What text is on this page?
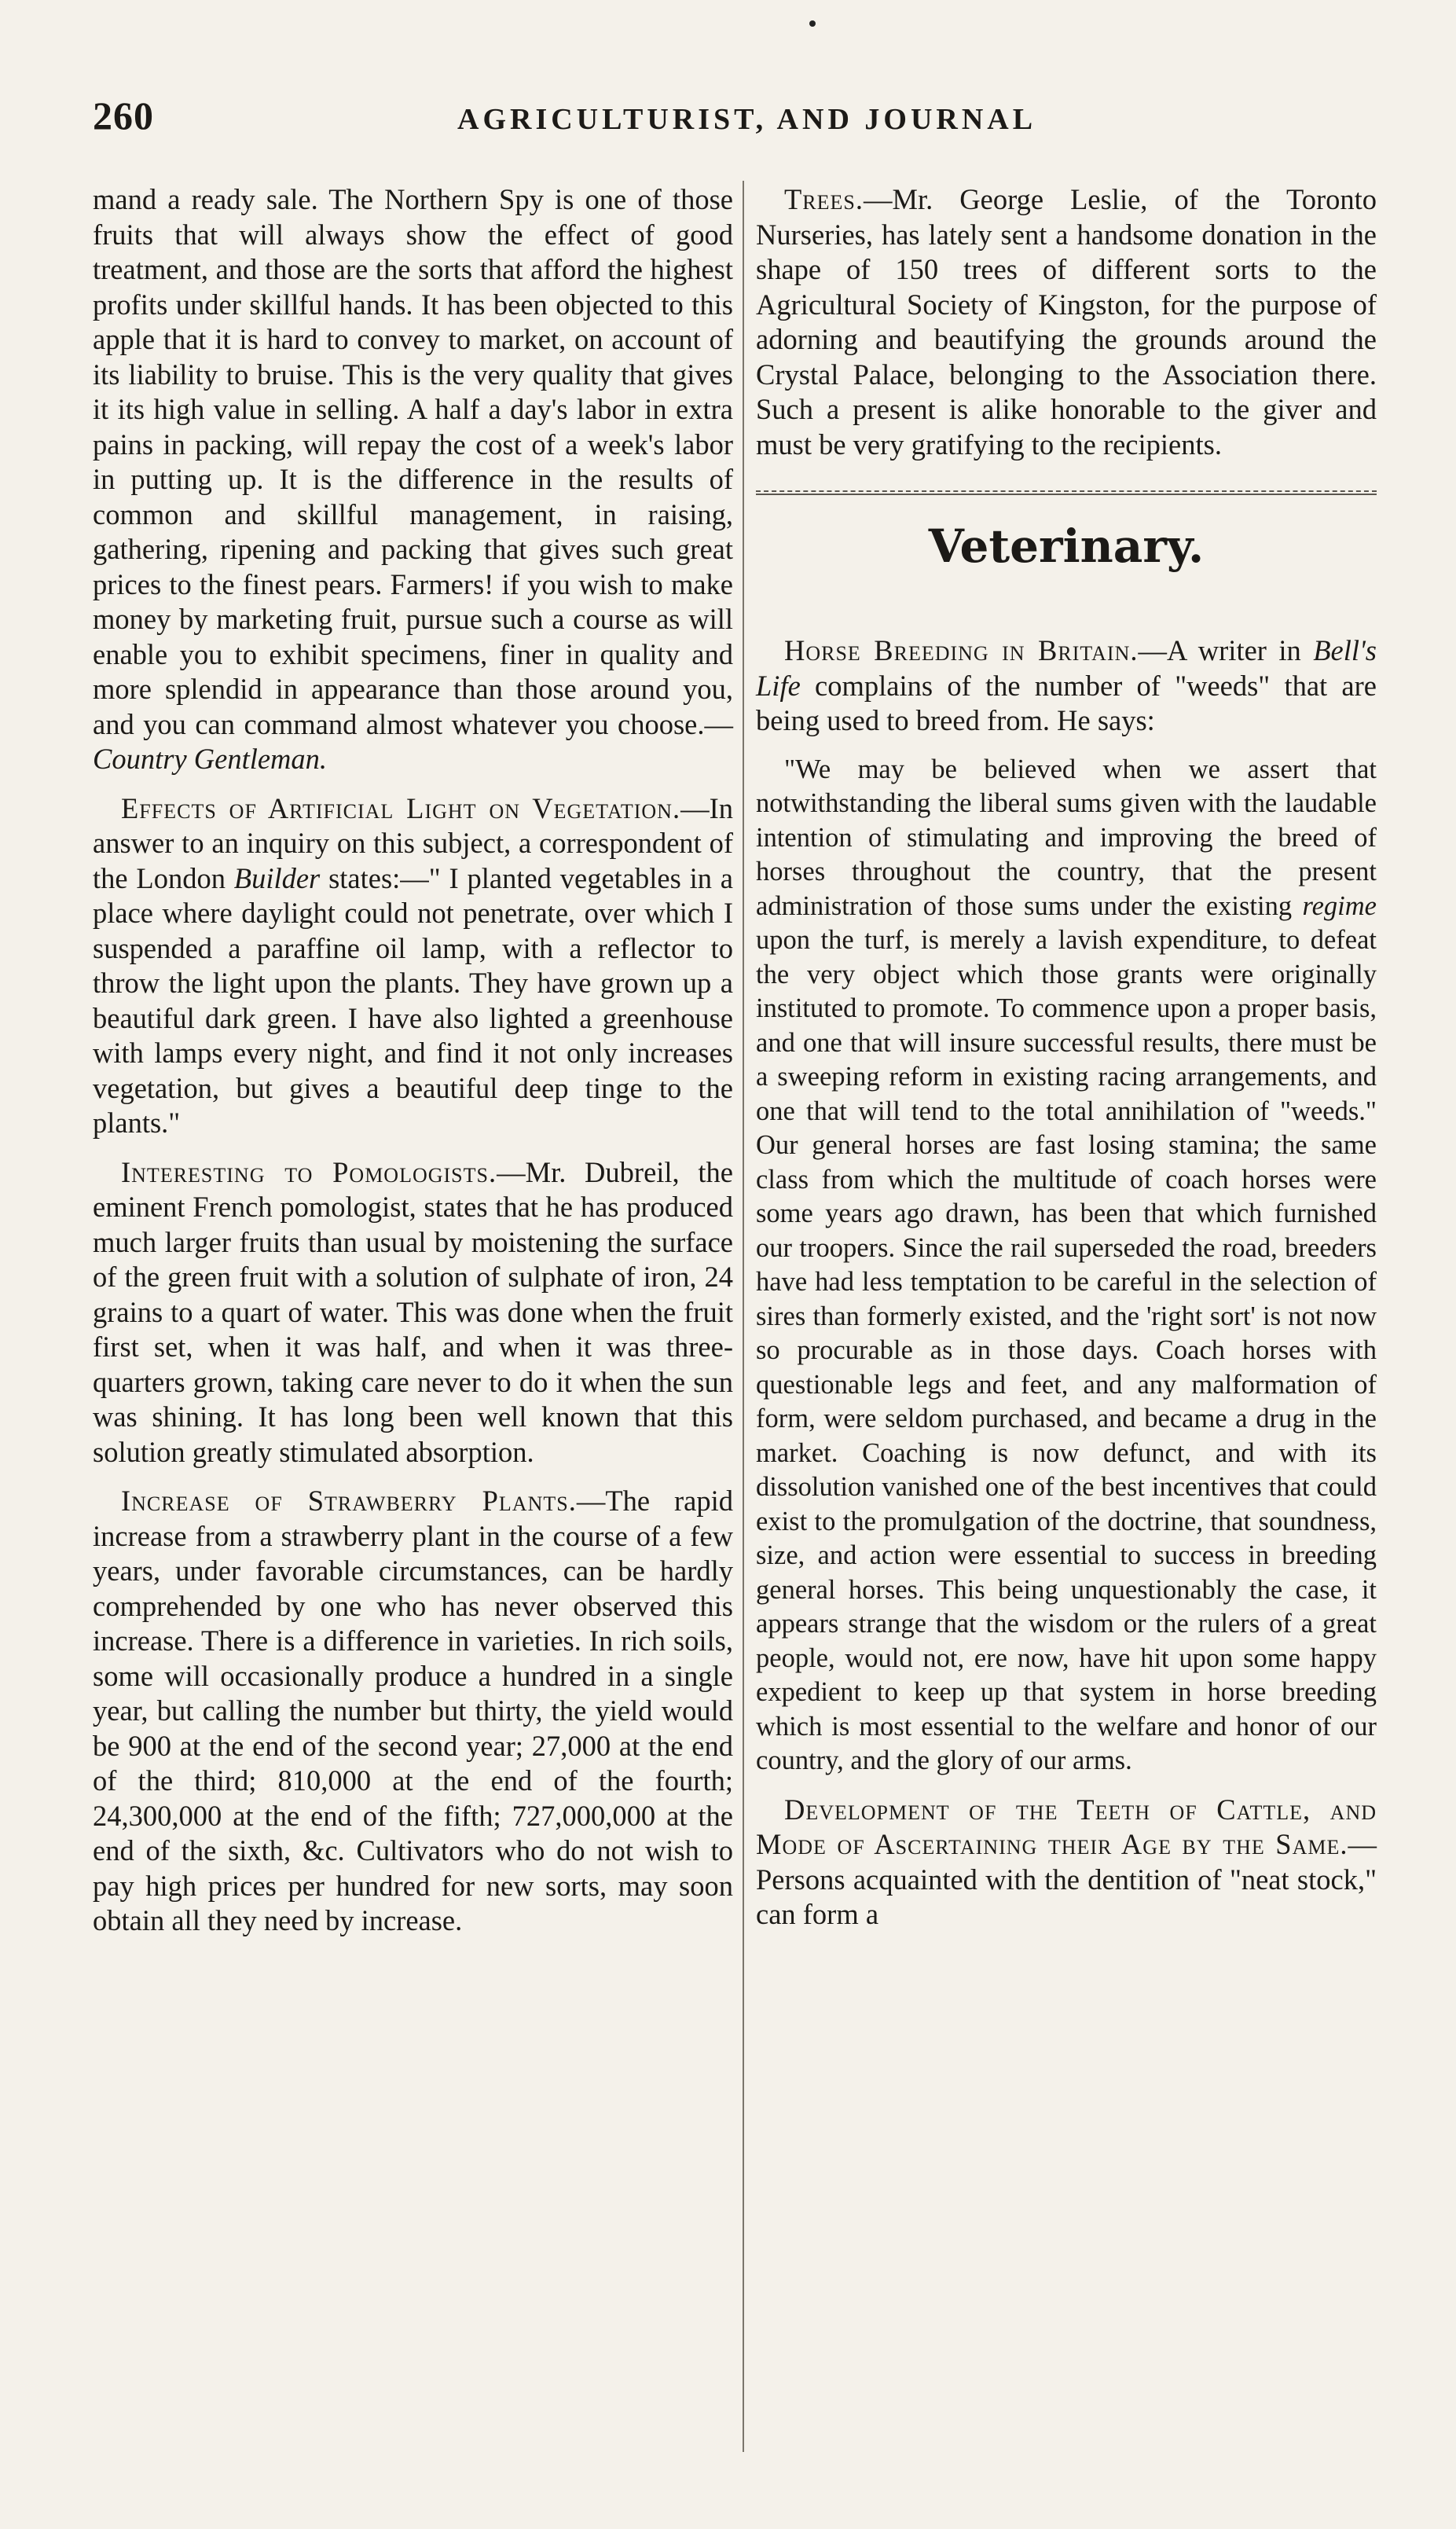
260	AGRICULTURIST, AND JOURNAL

mand a ready sale. The Northern Spy is one of those fruits that will always show the effect of good treatment, and those are the sorts that afford the highest profits under skillful hands. It has been objected to this apple that it is hard to convey to market, on account of its liability to bruise. This is the very quality that gives it its high value in selling. A half a day's labor in extra pains in packing, will repay the cost of a week's labor in putting up. It is the difference in the results of common and skillful management, in raising, gathering, ripening and packing that gives such great prices to the finest pears. Farmers! if you wish to make money by marketing fruit, pursue such a course as will enable you to exhibit specimens, finer in quality and more splendid in appearance than those around you, and you can command almost whatever you choose.—Country Gentleman.

Effects of Artificial Light on Vegetation.—In answer to an inquiry on this subject, a correspondent of the London Builder states:—" I planted vegetables in a place where daylight could not penetrate, over which I suspended a paraffine oil lamp, with a reflector to throw the light upon the plants. They have grown up a beautiful dark green. I have also lighted a greenhouse with lamps every night, and find it not only increases vegetation, but gives a beautiful deep tinge to the plants."

Interesting to Pomologists.—Mr. Dubreil, the eminent French pomologist, states that he has produced much larger fruits than usual by moistening the surface of the green fruit with a solution of sulphate of iron, 24 grains to a quart of water. This was done when the fruit first set, when it was half, and when it was three-quarters grown, taking care never to do it when the sun was shining. It has long been well known that this solution greatly stimulated absorption.

Increase of Strawberry Plants.—The rapid increase from a strawberry plant in the course of a few years, under favorable circumstances, can be hardly comprehended by one who has never observed this increase. There is a difference in varieties. In rich soils, some will occasionally produce a hundred in a single year, but calling the number but thirty, the yield would be 900 at the end of the second year; 27,000 at the end of the third; 810,000 at the end of the fourth; 24,300,000 at the end of the fifth; 727,000,000 at the end of the sixth, &c. Cultivators who do not wish to pay high prices per hundred for new sorts, may soon obtain all they need by increase.

Trees.—Mr. George Leslie, of the Toronto Nurseries, has lately sent a handsome donation in the shape of 150 trees of different sorts to the Agricultural Society of Kingston, for the purpose of adorning and beautifying the grounds around the Crystal Palace, belonging to the Association there. Such a present is alike honorable to the giver and must be very gratifying to the recipients.

Veterinary.

Horse Breeding in Britain.—A writer in Bell's Life complains of the number of "weeds" that are being used to breed from. He says:

"We may be believed when we assert that notwithstanding the liberal sums given with the laudable intention of stimulating and improving the breed of horses throughout the country, that the present administration of those sums under the existing regime upon the turf, is merely a lavish expenditure, to defeat the very object which those grants were originally instituted to promote. To commence upon a proper basis, and one that will insure successful results, there must be a sweeping reform in existing racing arrangements, and one that will tend to the total annihilation of "weeds." Our general horses are fast losing stamina; the same class from which the multitude of coach horses were some years ago drawn, has been that which furnished our troopers. Since the rail superseded the road, breeders have had less temptation to be careful in the selection of sires than formerly existed, and the 'right sort' is not now so procurable as in those days. Coach horses with questionable legs and feet, and any malformation of form, were seldom purchased, and became a drug in the market. Coaching is now defunct, and with its dissolution vanished one of the best incentives that could exist to the promulgation of the doctrine, that soundness, size, and action were essential to success in breeding general horses. This being unquestionably the case, it appears strange that the wisdom or the rulers of a great people, would not, ere now, have hit upon some happy expedient to keep up that system in horse breeding which is most essential to the welfare and honor of our country, and the glory of our arms.

Development of the Teeth of Cattle, and Mode of Ascertaining their Age by the Same.—Persons acquainted with the dentition of "neat stock," can form a
